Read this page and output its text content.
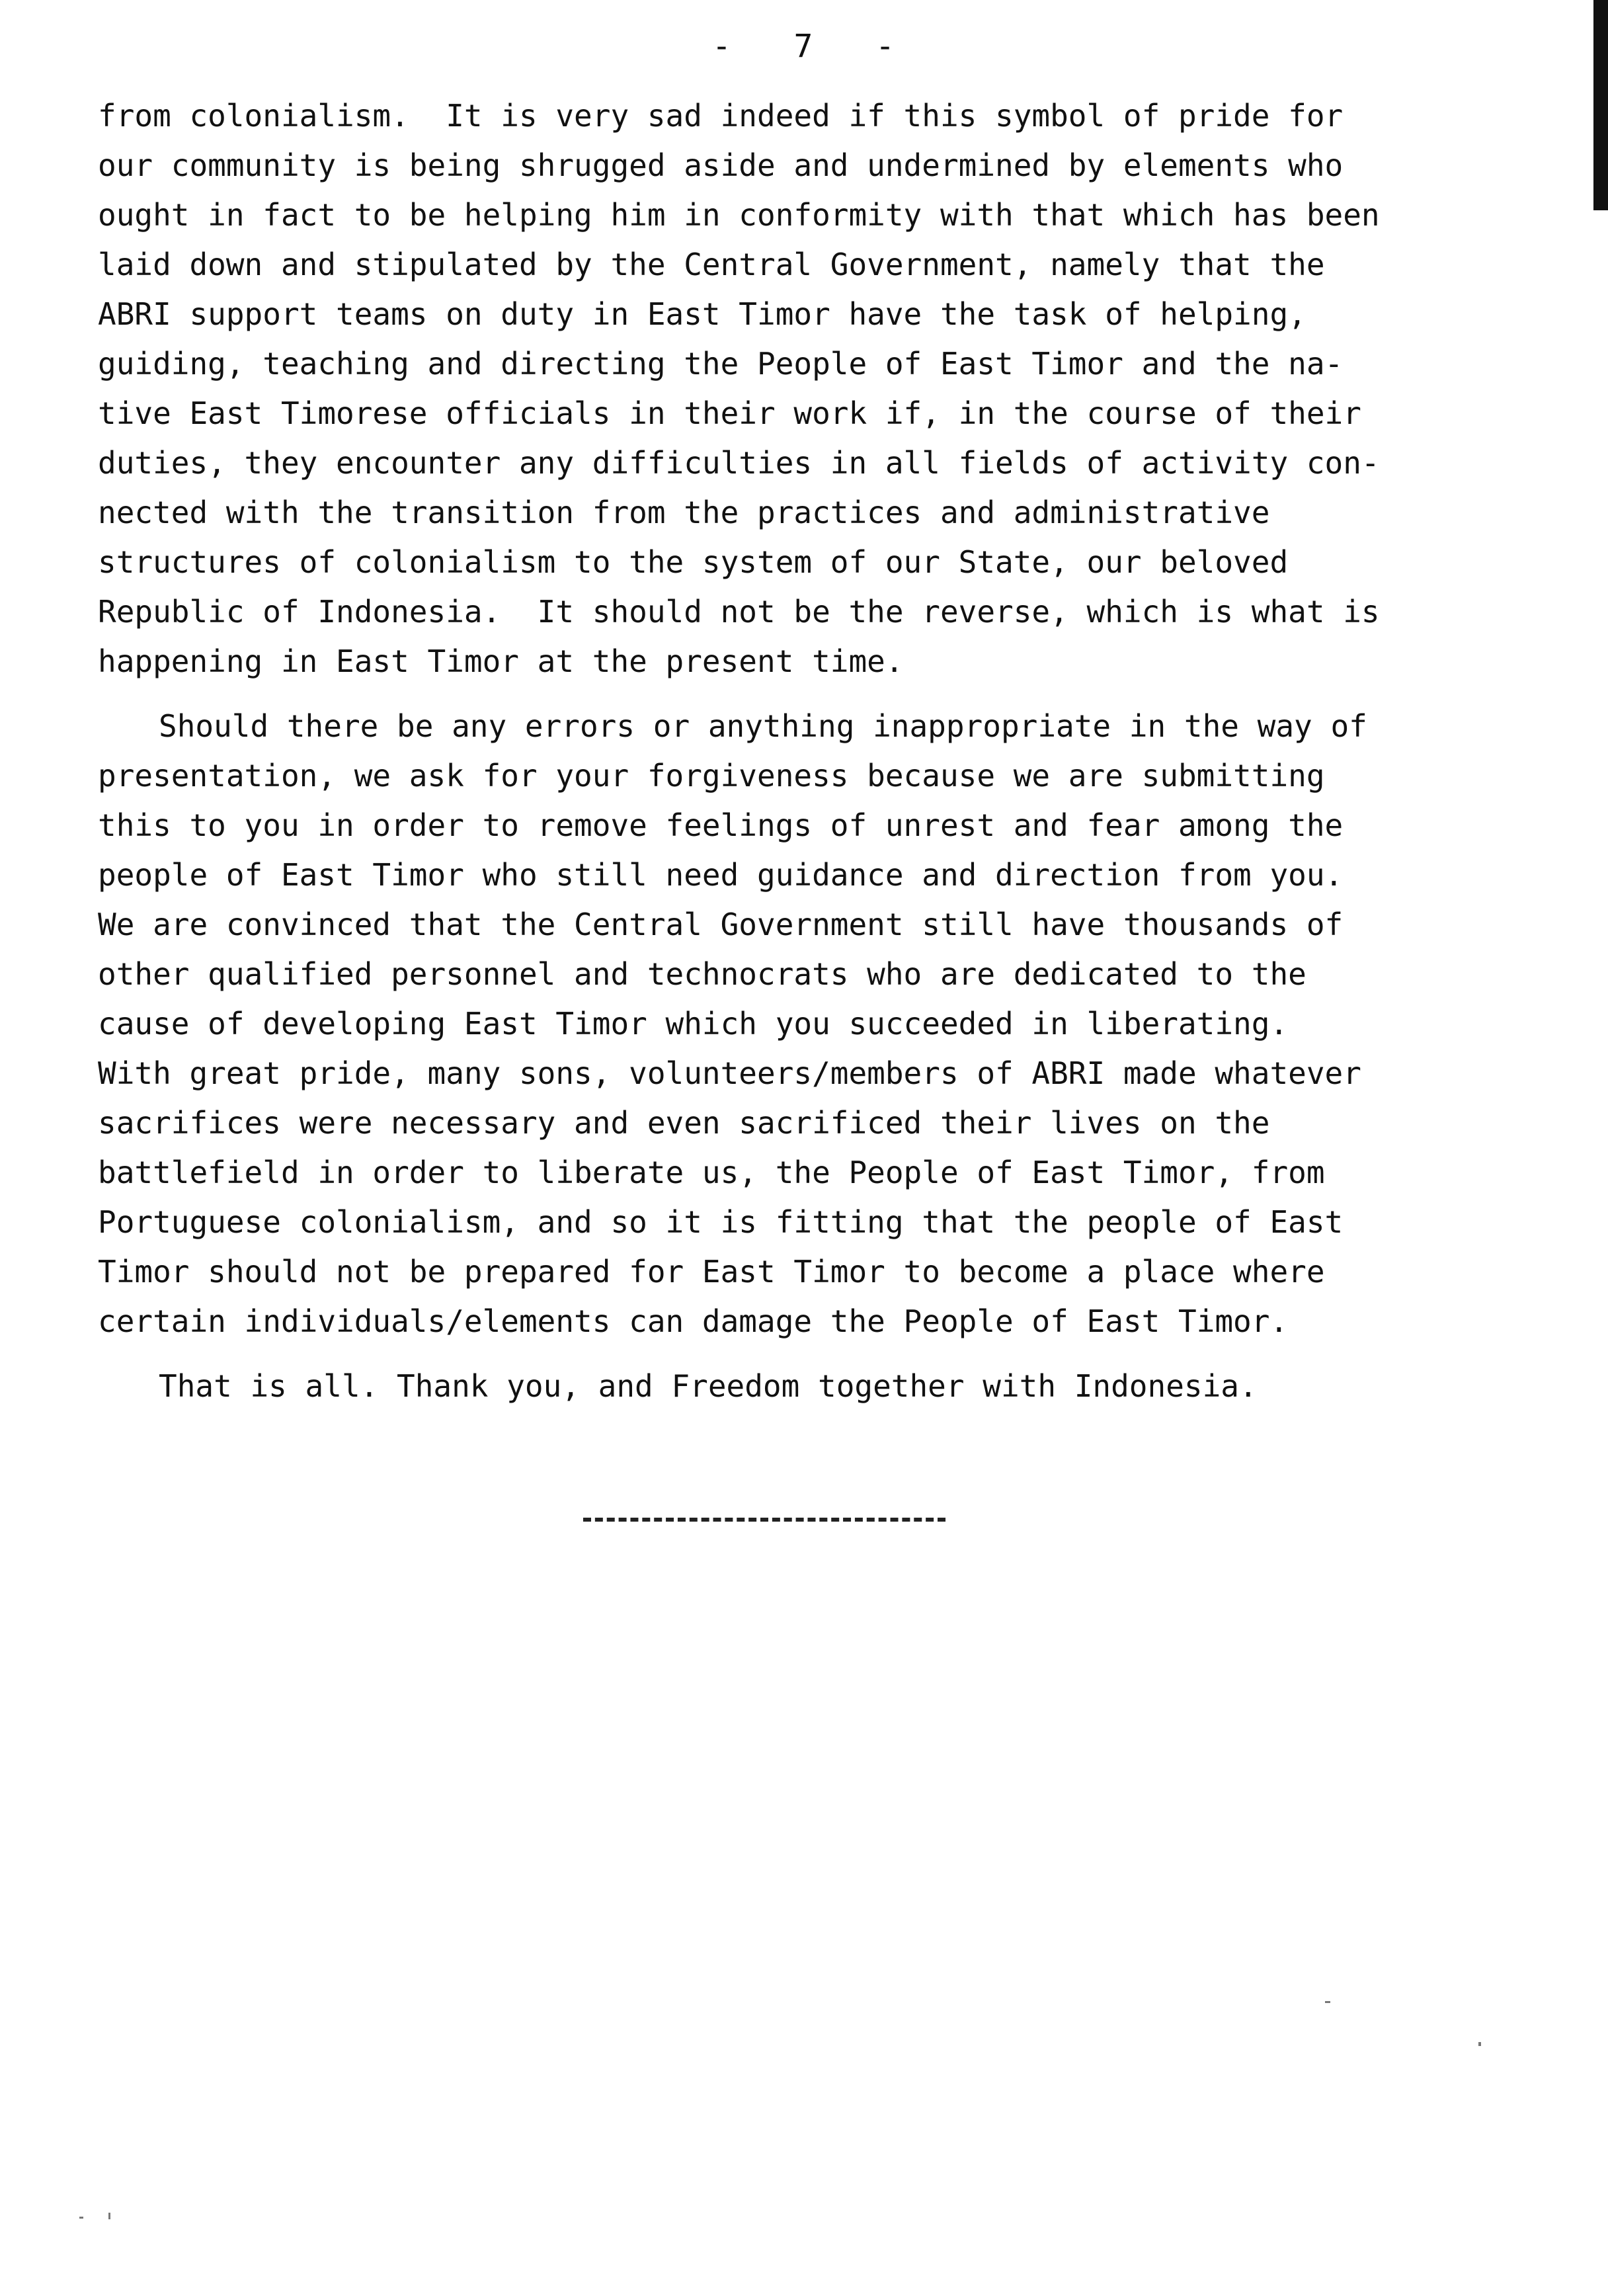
-   7   -
from colonialism.  It is very sad indeed if this symbol of pride for
our community is being shrugged aside and undermined by elements who
ought in fact to be helping him in conformity with that which has been
laid down and stipulated by the Central Government, namely that the
ABRI support teams on duty in East Timor have the task of helping,
guiding, teaching and directing the People of East Timor and the na-
tive East Timorese officials in their work if, in the course of their
duties, they encounter any difficulties in all fields of activity con-
nected with the transition from the practices and administrative
structures of colonialism to the system of our State, our beloved
Republic of Indonesia.  It should not be the reverse, which is what is
happening in East Timor at the present time.
Should there be any errors or anything inappropriate in the way of
presentation, we ask for your forgiveness because we are submitting
this to you in order to remove feelings of unrest and fear among the
people of East Timor who still need guidance and direction from you.
We are convinced that the Central Government still have thousands of
other qualified personnel and technocrats who are dedicated to the
cause of developing East Timor which you succeeded in liberating.
With great pride, many sons, volunteers/members of ABRI made whatever
sacrifices were necessary and even sacrificed their lives on the
battlefield in order to liberate us, the People of East Timor, from
Portuguese colonialism, and so it is fitting that the people of East
Timor should not be prepared for East Timor to become a place where
certain individuals/elements can damage the People of East Timor.
That is all. Thank you, and Freedom together with Indonesia.
